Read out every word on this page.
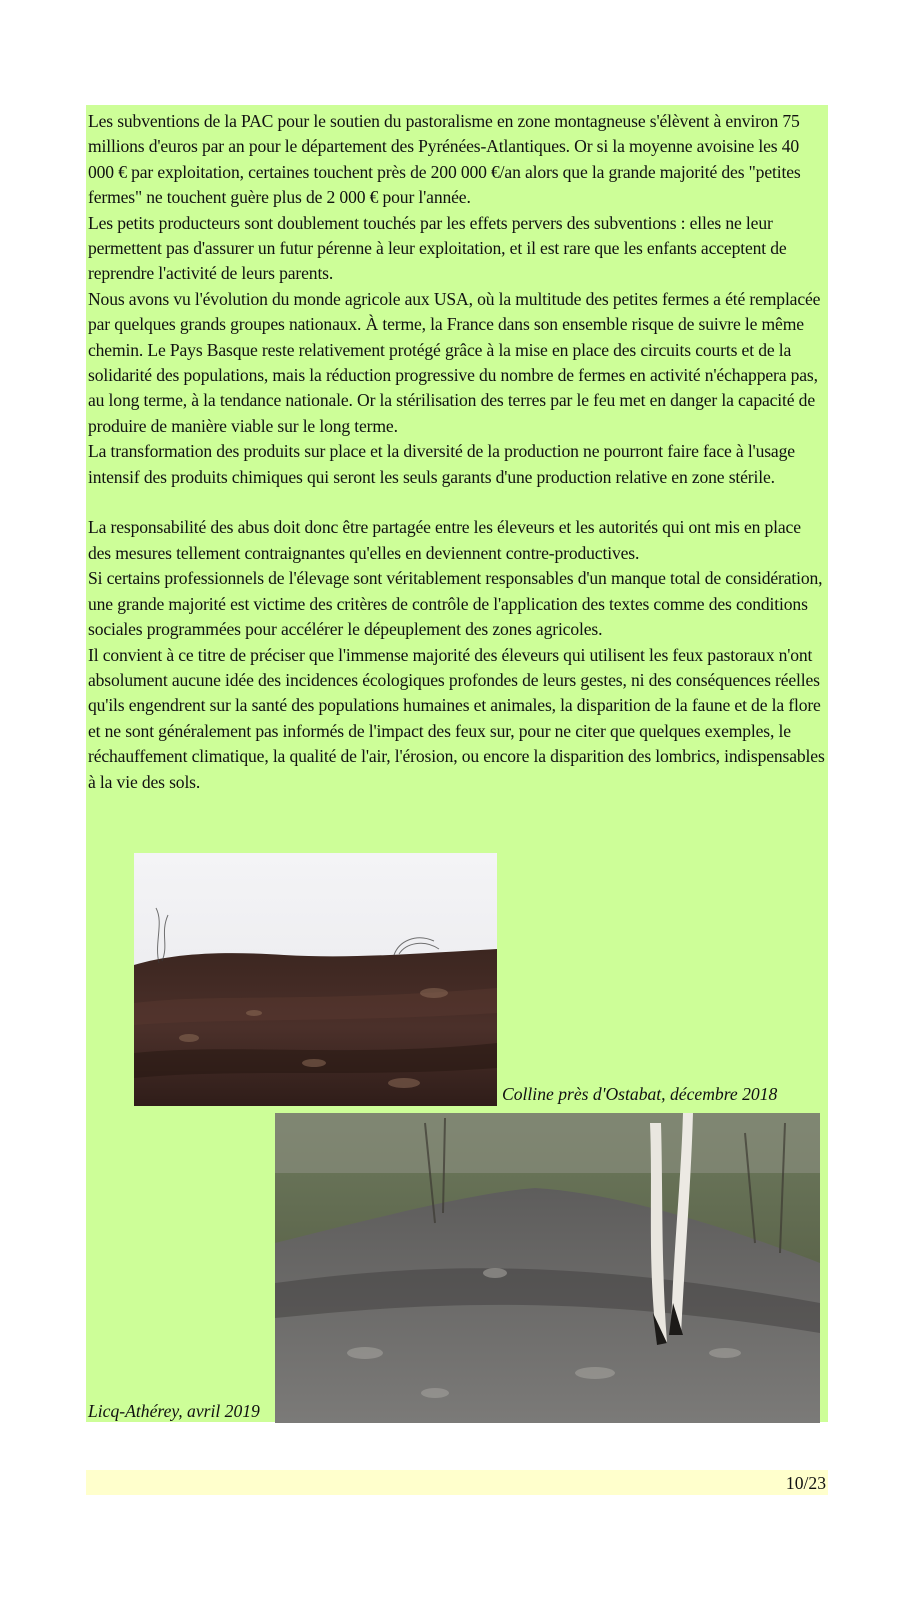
Les subventions de la PAC pour le soutien du pastoralisme en zone montagneuse s'élèvent à environ 75 millions d'euros par an pour le département des Pyrénées-Atlantiques. Or si la moyenne avoisine les 40 000 € par exploitation, certaines touchent près de 200 000 €/an alors que la grande majorité des "petites fermes" ne touchent guère plus de 2 000 € pour l'année.

Les petits producteurs sont doublement touchés par les effets pervers des subventions : elles ne leur permettent pas d'assurer un futur pérenne à leur exploitation, et il est rare que les enfants acceptent de reprendre l'activité de leurs parents.

Nous avons vu l'évolution du monde agricole aux USA, où la multitude des petites fermes a été remplacée par quelques grands groupes nationaux. À terme, la France dans son ensemble risque de suivre le même chemin. Le Pays Basque reste relativement protégé grâce à la mise en place des circuits courts et de la solidarité des populations, mais la réduction progressive du nombre de fermes en activité n'échappera pas, au long terme, à la tendance nationale. Or la stérilisation des terres par le feu met en danger la capacité de produire de manière viable sur le long terme.

La transformation des produits sur place et la diversité de la production ne pourront faire face à l'usage intensif des produits chimiques qui seront les seuls garants d'une production relative en zone stérile.

La responsabilité des abus doit donc être partagée entre les éleveurs et les autorités qui ont mis en place des mesures tellement contraignantes qu'elles en deviennent contre-productives.

Si certains professionnels de l'élevage sont véritablement responsables d'un manque total de considération, une grande majorité est victime des critères de contrôle de l'application des textes comme des conditions sociales programmées pour accélérer le dépeuplement des zones agricoles.

Il convient à ce titre de préciser que l'immense majorité des éleveurs qui utilisent les feux pastoraux n'ont absolument aucune idée des incidences écologiques profondes de leurs gestes, ni des conséquences réelles qu'ils engendrent sur la santé des populations humaines et animales, la disparition de la faune et de la flore et ne sont généralement pas informés de l'impact des feux sur, pour ne citer que quelques exemples, le réchauffement climatique, la qualité de l'air, l'érosion, ou encore la disparition des lombrics, indispensables à la vie des sols.

Colline près d'Ostabat, décembre 2018
Licq-Athérey, avril 2019
10/23
